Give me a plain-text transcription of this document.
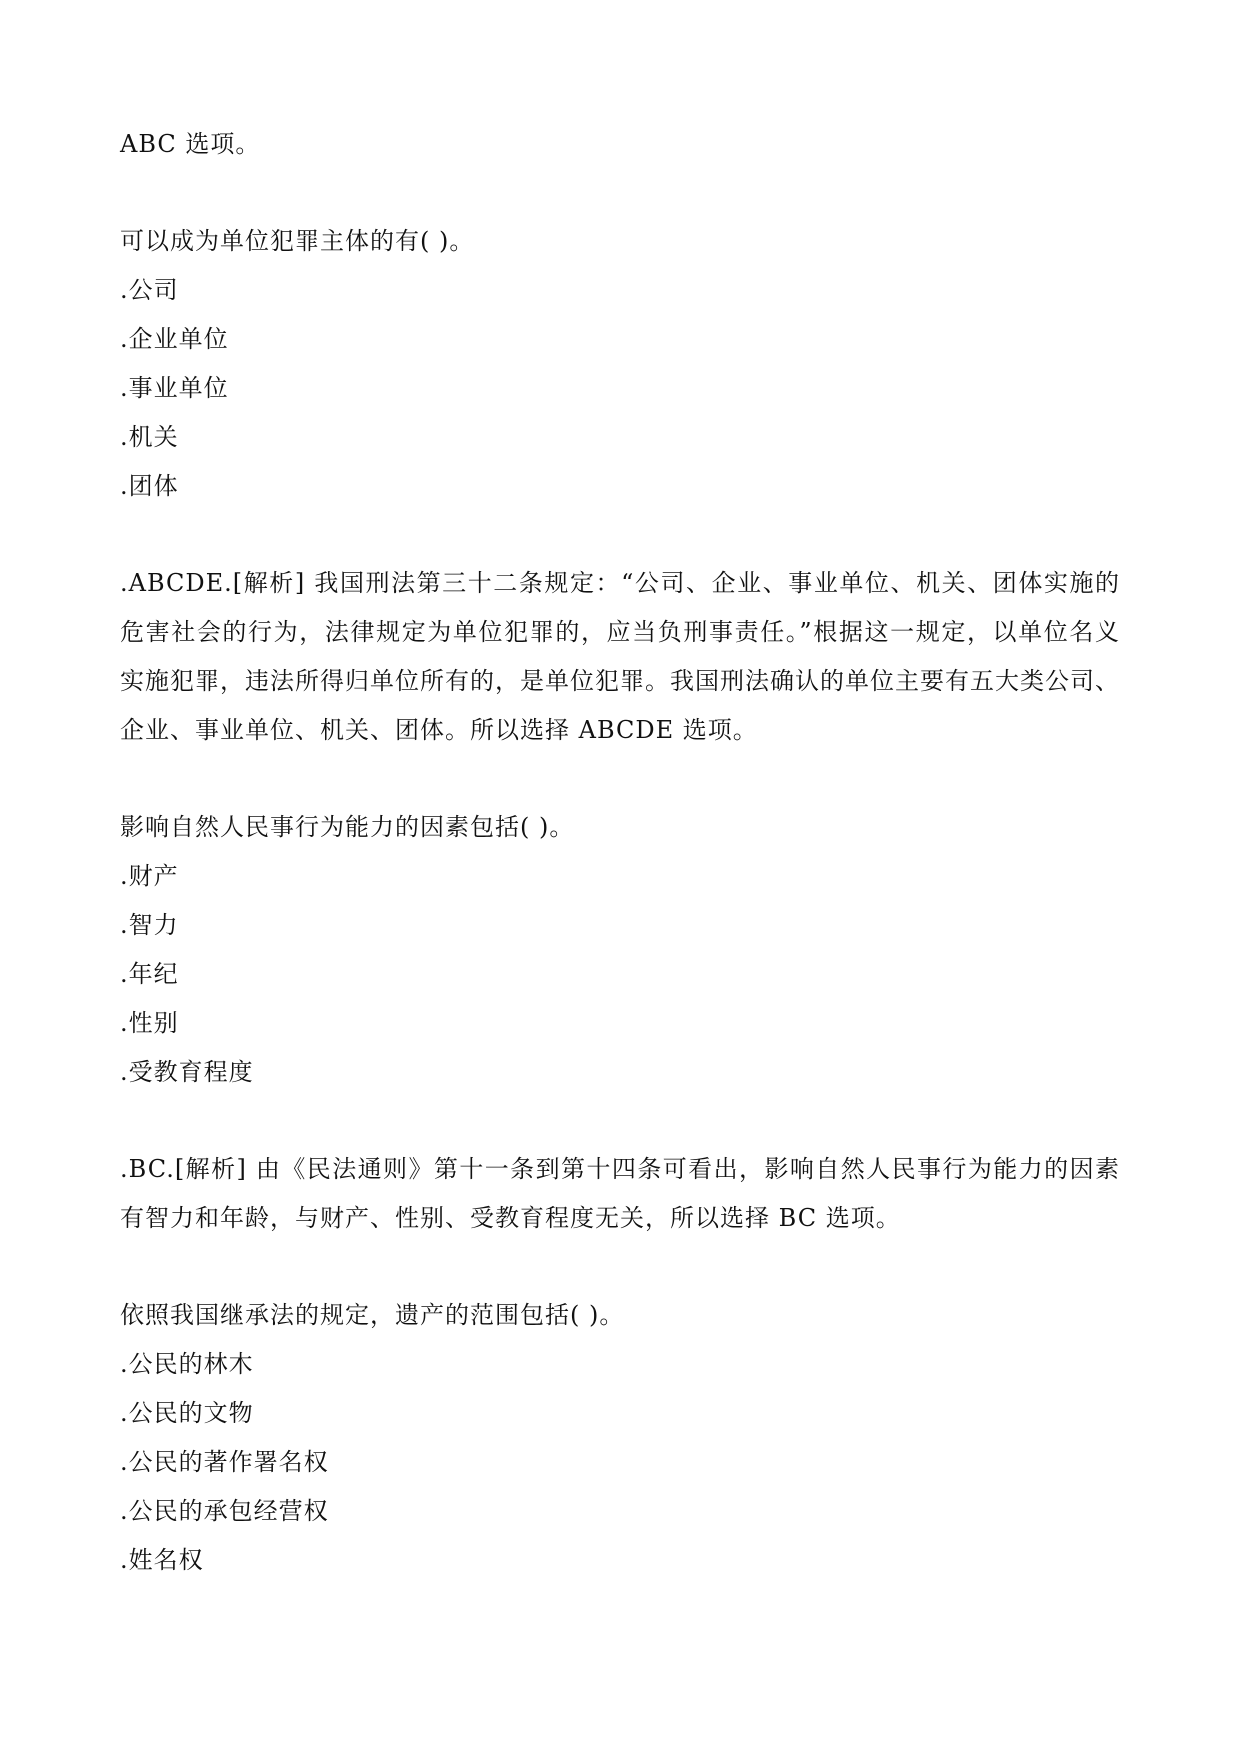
ABC 选项。
可以成为单位犯罪主体的有( )。
.公司
.企业单位
.事业单位
.机关
.团体
.ABCDE.[解析] 我国刑法第三十二条规定：“公司、企业、事业单位、机关、团体实施的危害社会的行为，法律规定为单位犯罪的，应当负刑事责任。”根据这一规定，以单位名义实施犯罪，违法所得归单位所有的，是单位犯罪。我国刑法确认的单位主要有五大类公司、企业、事业单位、机关、团体。所以选择 ABCDE 选项。
影响自然人民事行为能力的因素包括( )。
.财产
.智力
.年纪
.性别
.受教育程度
.BC.[解析] 由《民法通则》第十一条到第十四条可看出，影响自然人民事行为能力的因素有智力和年龄，与财产、性别、受教育程度无关，所以选择 BC 选项。
依照我国继承法的规定，遗产的范围包括( )。
.公民的林木
.公民的文物
.公民的著作署名权
.公民的承包经营权
.姓名权
